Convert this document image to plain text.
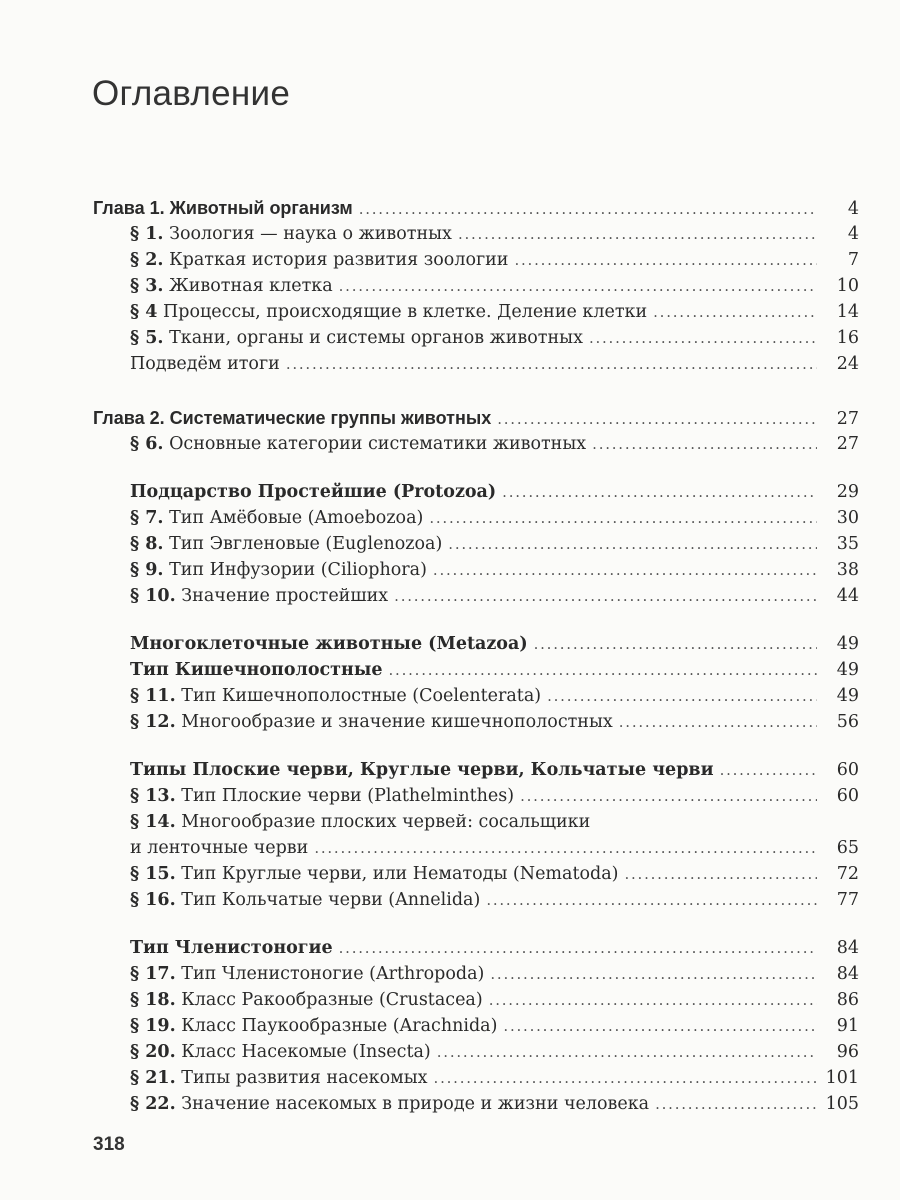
Оглавление
Глава 1. Животный организм . . .	4
§ 1. Зоология — наука о животных . . .	4
§ 2. Краткая история развития зоологии . . .	7
§ 3. Животная клетка . . .	10
§ 4 Процессы, происходящие в клетке. Деление клетки . . .	14
§ 5. Ткани, органы и системы органов животных . . .	16
Подведём итоги . . .	24
Глава 2. Систематические группы животных . . .	27
§ 6. Основные категории систематики животных . . .	27
Подцарство Простейшие (Protozoa) . . .	29
§ 7. Тип Амёбовые (Amoebozoa) . . .	30
§ 8. Тип Эвгленовые (Euglenozoa) . . .	35
§ 9. Тип Инфузории (Ciliophora) . . .	38
§ 10. Значение простейших . . .	44
Многоклеточные животные (Metazoa) . . .	49
Тип Кишечнополостные . . .	49
§ 11. Тип Кишечнополостные (Coelenterata) . . .	49
§ 12. Многообразие и значение кишечнополостных . . .	56
Типы Плоские черви, Круглые черви, Кольчатые черви . . .	60
§ 13. Тип Плоские черви (Plathelminthes) . . .	60
§ 14. Многообразие плоских червей: сосальщики
и ленточные черви . . .	65
§ 15. Тип Круглые черви, или Нематоды (Nematoda) . . .	72
§ 16. Тип Кольчатые черви (Annelida) . . .	77
Тип Членистоногие . . .	84
§ 17. Тип Членистоногие (Arthropoda) . . .	84
§ 18. Класс Ракообразные (Crustacea) . . .	86
§ 19. Класс Паукообразные (Arachnida) . . .	91
§ 20. Класс Насекомые (Insecta) . . .	96
§ 21. Типы развития насекомых . . .	101
§ 22. Значение насекомых в природе и жизни человека . . .	105
318
